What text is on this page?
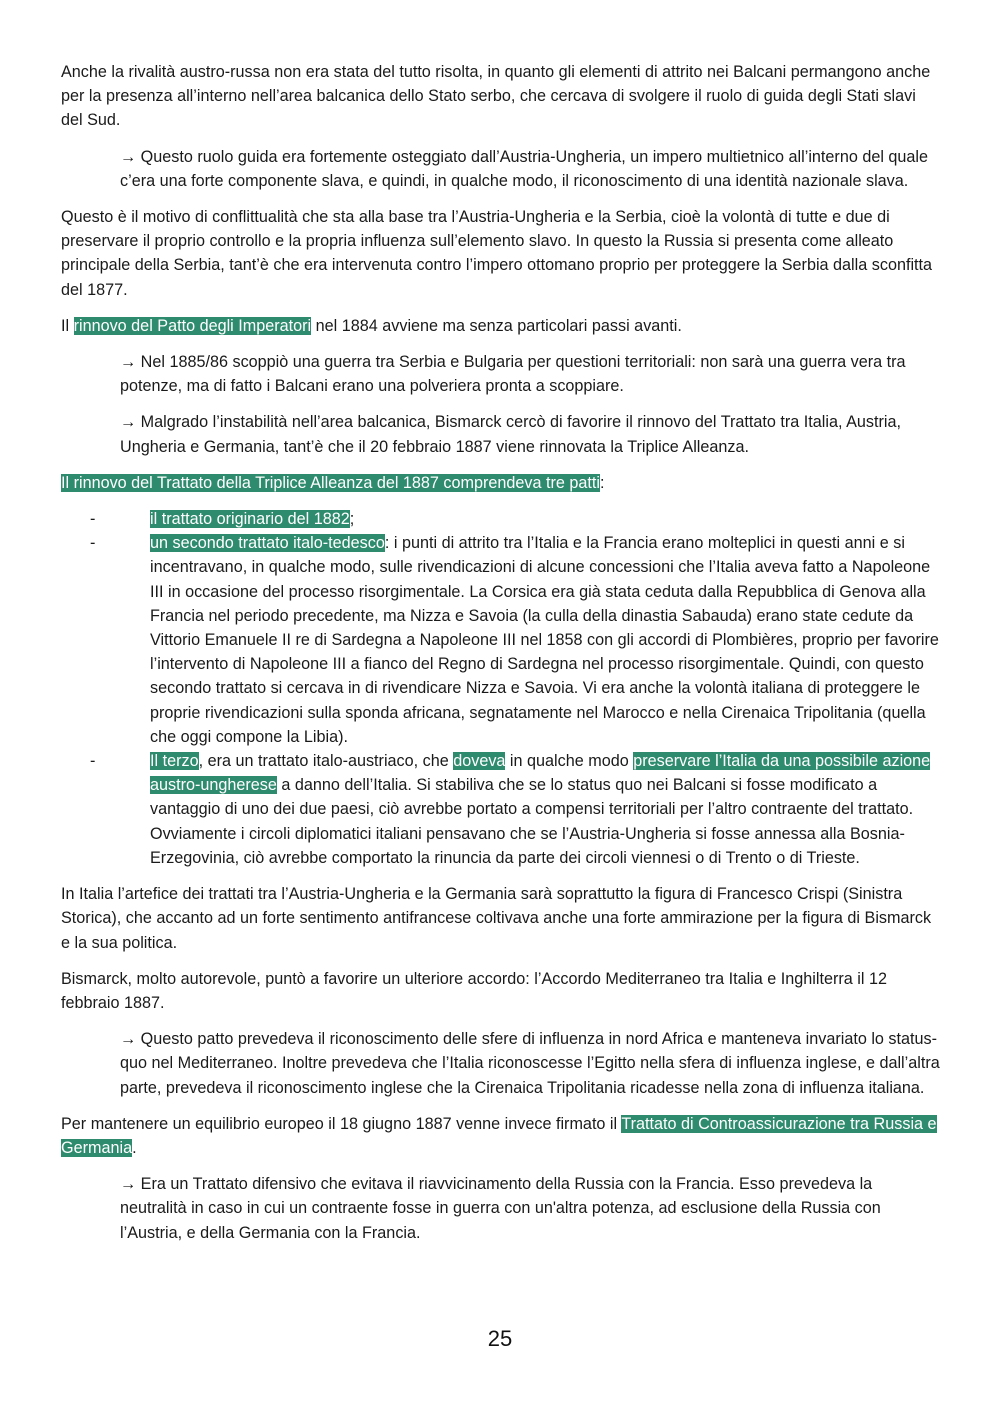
Anche la rivalità austro-russa non era stata del tutto risolta, in quanto gli elementi di attrito nei Balcani permangono anche per la presenza all’interno nell’area balcanica dello Stato serbo, che cercava di svolgere il ruolo di guida degli Stati slavi del Sud.

→ Questo ruolo guida era fortemente osteggiato dall’Austria-Ungheria, un impero multietnico all’interno del quale c’era una forte componente slava, e quindi, in qualche modo, il riconoscimento di una identità nazionale slava.

Questo è il motivo di conflittualità che sta alla base tra l’Austria-Ungheria e la Serbia, cioè la volontà di tutte e due di preservare il proprio controllo e la propria influenza sull’elemento slavo. In questo la Russia si presenta come alleato principale della Serbia, tant’è che era intervenuta contro l’impero ottomano proprio per proteggere la Serbia dalla sconfitta del 1877.

Il rinnovo del Patto degli Imperatori nel 1884 avviene ma senza particolari passi avanti.

→ Nel 1885/86 scoppiò una guerra tra Serbia e Bulgaria per questioni territoriali: non sarà una guerra vera tra potenze, ma di fatto i Balcani erano una polveriera pronta a scoppiare.

→ Malgrado l’instabilità nell’area balcanica, Bismarck cercò di favorire il rinnovo del Trattato tra Italia, Austria, Ungheria e Germania, tant’è che il 20 febbraio 1887 viene rinnovata la Triplice Alleanza.

Il rinnovo del Trattato della Triplice Alleanza del 1887 comprendeva tre patti:

-	il trattato originario del 1882;
-	un secondo trattato italo-tedesco: i punti di attrito tra l’Italia e la Francia erano molteplici in questi anni e si incentravano, in qualche modo, sulle rivendicazioni di alcune concessioni che l’Italia aveva fatto a Napoleone III in occasione del processo risorgimentale. La Corsica era già stata ceduta dalla Repubblica di Genova alla Francia nel periodo precedente, ma Nizza e Savoia (la culla della dinastia Sabauda) erano state cedute da Vittorio Emanuele II re di Sardegna a Napoleone III nel 1858 con gli accordi di Plombières, proprio per favorire l’intervento di Napoleone III a fianco del Regno di Sardegna nel processo risorgimentale. Quindi, con questo secondo trattato si cercava in di rivendicare Nizza e Savoia. Vi era anche la volontà italiana di proteggere le proprie rivendicazioni sulla sponda africana, segnatamente nel Marocco e nella Cirenaica Tripolitania (quella che oggi compone la Libia).
-	Il terzo, era un trattato italo-austriaco, che doveva in qualche modo preservare l’Italia da una possibile azione austro-ungherese a danno dell’Italia. Si stabiliva che se lo status quo nei Balcani si fosse modificato a vantaggio di uno dei due paesi, ciò avrebbe portato a compensi territoriali per l’altro contraente del trattato. Ovviamente i circoli diplomatici italiani pensavano che se l’Austria-Ungheria si fosse annessa alla Bosnia-Erzegovinia, ciò avrebbe comportato la rinuncia da parte dei circoli viennesi o di Trento o di Trieste.

In Italia l’artefice dei trattati tra l’Austria-Ungheria e la Germania sarà soprattutto la figura di Francesco Crispi (Sinistra Storica), che accanto ad un forte sentimento antifrancese coltivava anche una forte ammirazione per la figura di Bismarck e la sua politica.

Bismarck, molto autorevole, puntò a favorire un ulteriore accordo: l’Accordo Mediterraneo tra Italia e Inghilterra il 12 febbraio 1887.

→ Questo patto prevedeva il riconoscimento delle sfere di influenza in nord Africa e manteneva invariato lo status-quo nel Mediterraneo. Inoltre prevedeva che l’Italia riconoscesse l’Egitto nella sfera di influenza inglese, e dall’altra parte, prevedeva il riconoscimento inglese che la Cirenaica Tripolitania ricadesse nella zona di influenza italiana.

Per mantenere un equilibrio europeo il 18 giugno 1887 venne invece firmato il Trattato di Controassicurazione tra Russia e Germania.

→ Era un Trattato difensivo che evitava il riavvicinamento della Russia con la Francia. Esso prevedeva la neutralità in caso in cui un contraente fosse in guerra con un'altra potenza, ad esclusione della Russia con l’Austria, e della Germania con la Francia.

25
